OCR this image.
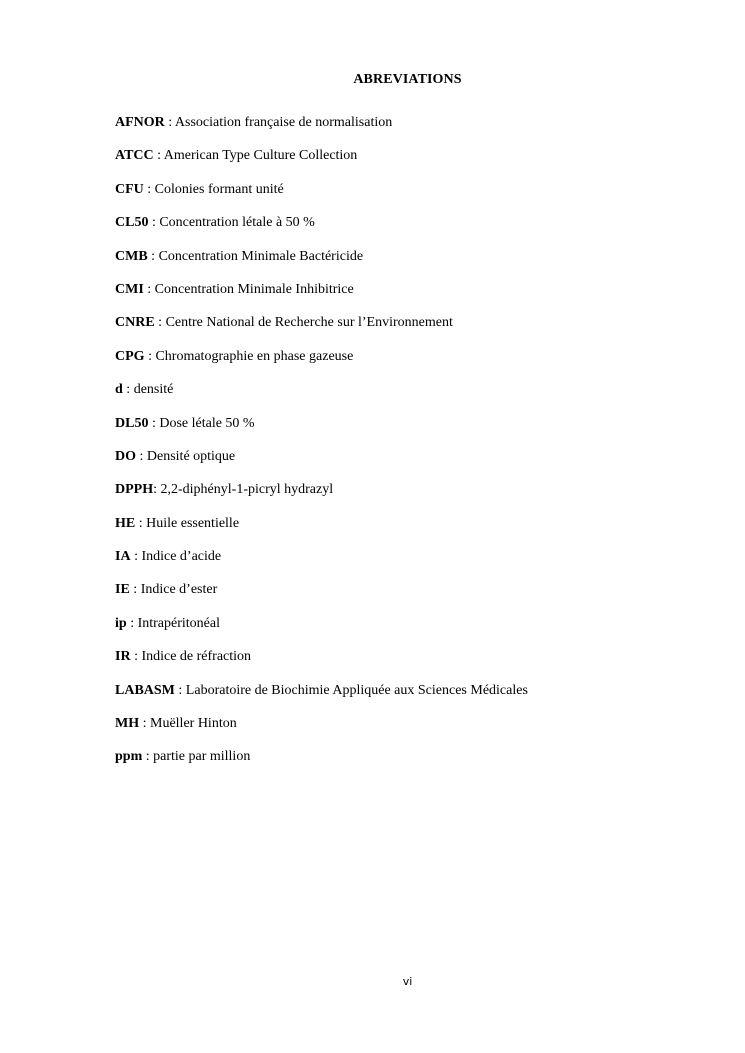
ABREVIATIONS
AFNOR : Association française de normalisation
ATCC : American Type Culture Collection
CFU : Colonies formant unité
CL50 : Concentration létale à 50 %
CMB : Concentration Minimale Bactéricide
CMI : Concentration Minimale Inhibitrice
CNRE : Centre National de Recherche sur l’Environnement
CPG : Chromatographie en phase gazeuse
d : densité
DL50 : Dose létale 50 %
DO : Densité optique
DPPH: 2,2-diphényl-1-picryl hydrazyl
HE : Huile essentielle
IA : Indice d’acide
IE : Indice d’ester
ip : Intrapéritonéal
IR : Indice de réfraction
LABASM : Laboratoire de Biochimie Appliquée aux Sciences Médicales
MH : Muëller Hinton
ppm : partie par million
vi
